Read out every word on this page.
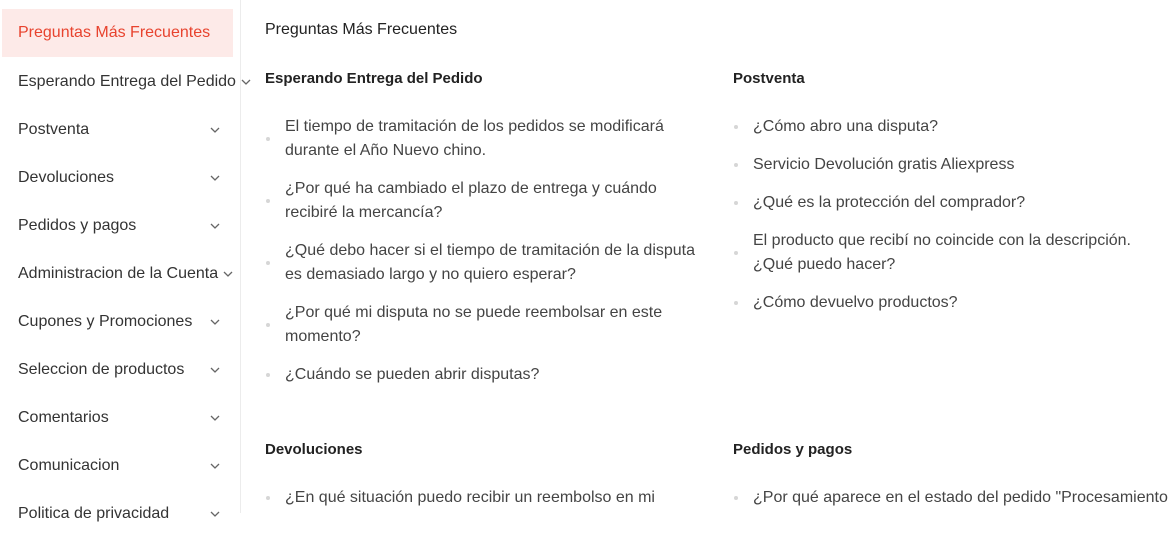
Preguntas Más Frecuentes
Esperando Entrega del Pedido
Postventa
Devoluciones
Pedidos y pagos
Administracion de la Cuenta
Cupones y Promociones
Seleccion de productos
Comentarios
Comunicacion
Politica de privacidad
Preguntas Más Frecuentes
Esperando Entrega del Pedido
El tiempo de tramitación de los pedidos se modificará durante el Año Nuevo chino.
¿Por qué ha cambiado el plazo de entrega y cuándo recibiré la mercancía?
¿Qué debo hacer si el tiempo de tramitación de la disputa es demasiado largo y no quiero esperar?
¿Por qué mi disputa no se puede reembolsar en este momento?
¿Cuándo se pueden abrir disputas?
Postventa
¿Cómo abro una disputa?
Servicio Devolución gratis Aliexpress
¿Qué es la protección del comprador?
El producto que recibí no coincide con la descripción. ¿Qué puedo hacer?
¿Cómo devuelvo productos?
Devoluciones
¿En qué situación puedo recibir un reembolso en mi
Pedidos y pagos
¿Por qué aparece en el estado del pedido "Procesamiento
